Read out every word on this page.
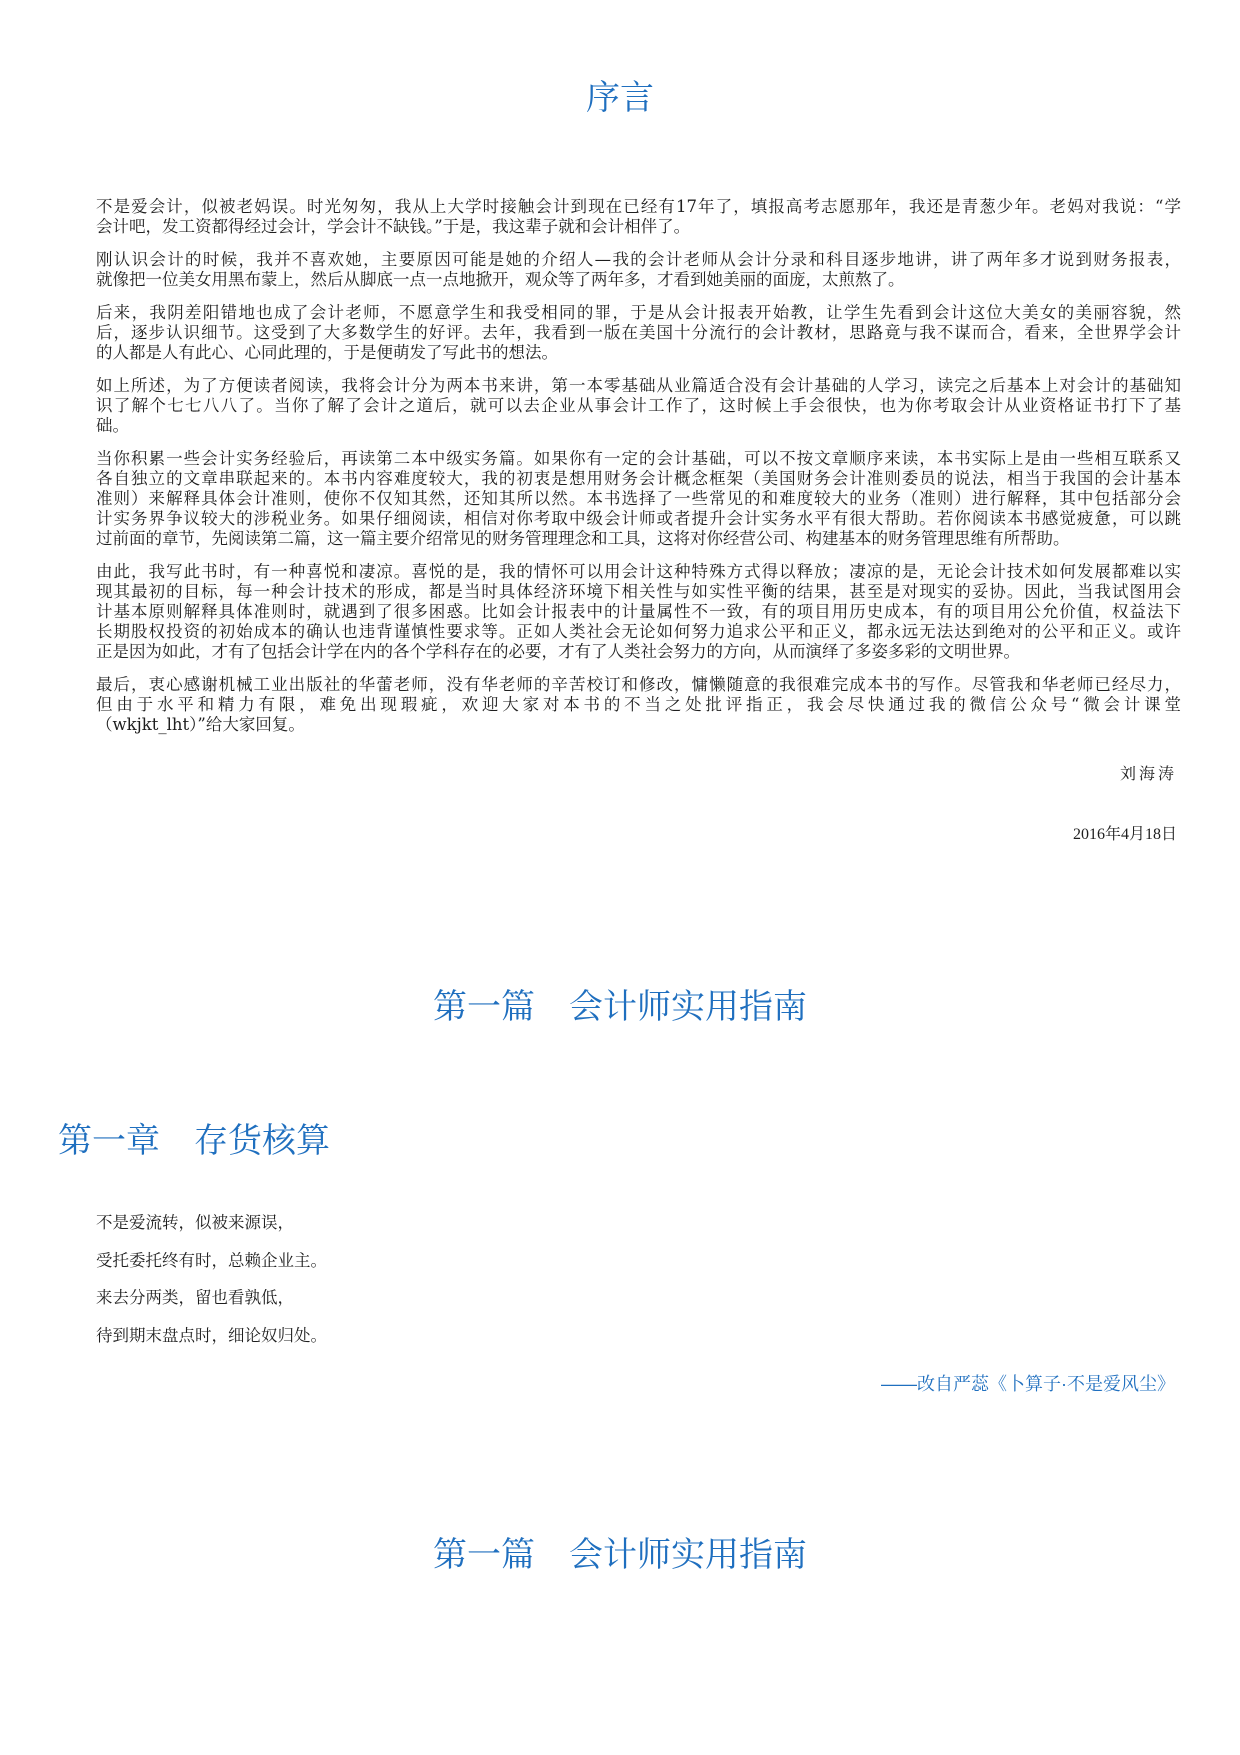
序言
不是爱会计，似被老妈误。时光匆匆，我从上大学时接触会计到现在已经有17年了，填报高考志愿那年，我还是青葱少年。老妈对我说：“学
会计吧，发工资都得经过会计，学会计不缺钱。”于是，我这辈子就和会计相伴了。
刚认识会计的时候，我并不喜欢她，主要原因可能是她的介绍人—我的会计老师从会计分录和科目逐步地讲，讲了两年多才说到财务报表，
就像把一位美女用黑布蒙上，然后从脚底一点一点地掀开，观众等了两年多，才看到她美丽的面庞，太煎熬了。
后来，我阴差阳错地也成了会计老师，不愿意学生和我受相同的罪，于是从会计报表开始教，让学生先看到会计这位大美女的美丽容貌，然
后，逐步认识细节。这受到了大多数学生的好评。去年，我看到一版在美国十分流行的会计教材，思路竟与我不谋而合，看来，全世界学会计
的人都是人有此心、心同此理的，于是便萌发了写此书的想法。
如上所述，为了方便读者阅读，我将会计分为两本书来讲，第一本零基础从业篇适合没有会计基础的人学习，读完之后基本上对会计的基础知
识了解个七七八八了。当你了解了会计之道后，就可以去企业从事会计工作了，这时候上手会很快，也为你考取会计从业资格证书打下了基
础。
当你积累一些会计实务经验后，再读第二本中级实务篇。如果你有一定的会计基础，可以不按文章顺序来读，本书实际上是由一些相互联系又
各自独立的文章串联起来的。本书内容难度较大，我的初衷是想用财务会计概念框架（美国财务会计准则委员的说法，相当于我国的会计基本
准则）来解释具体会计准则，使你不仅知其然，还知其所以然。本书选择了一些常见的和难度较大的业务（准则）进行解释，其中包括部分会
计实务界争议较大的涉税业务。如果仔细阅读，相信对你考取中级会计师或者提升会计实务水平有很大帮助。若你阅读本书感觉疲惫，可以跳
过前面的章节，先阅读第二篇，这一篇主要介绍常见的财务管理理念和工具，这将对你经营公司、构建基本的财务管理思维有所帮助。
由此，我写此书时，有一种喜悦和凄凉。喜悦的是，我的情怀可以用会计这种特殊方式得以释放；凄凉的是，无论会计技术如何发展都难以实
现其最初的目标，每一种会计技术的形成，都是当时具体经济环境下相关性与如实性平衡的结果，甚至是对现实的妥协。因此，当我试图用会
计基本原则解释具体准则时，就遇到了很多困惑。比如会计报表中的计量属性不一致，有的项目用历史成本，有的项目用公允价值，权益法下
长期股权投资的初始成本的确认也违背谨慎性要求等。正如人类社会无论如何努力追求公平和正义，都永远无法达到绝对的公平和正义。或许
正是因为如此，才有了包括会计学在内的各个学科存在的必要，才有了人类社会努力的方向，从而演绎了多姿多彩的文明世界。
最后，衷心感谢机械工业出版社的华蕾老师，没有华老师的辛苦校订和修改，慵懒随意的我很难完成本书的写作。尽管我和华老师已经尽力，
但由于水平和精力有限，难免出现瑕疵，欢迎大家对本书的不当之处批评指正，我会尽快通过我的微信公众号“微会计课堂
（wkjkt_lht）”给大家回复。
刘海涛
2016年4月18日
第一篇　会计师实用指南
第一章　存货核算
不是爱流转，似被来源误，
受托委托终有时，总赖企业主。
来去分两类，留也看孰低，
待到期末盘点时，细论奴归处。
——改自严蕊《卜算子·不是爱风尘》
第一篇　会计师实用指南
